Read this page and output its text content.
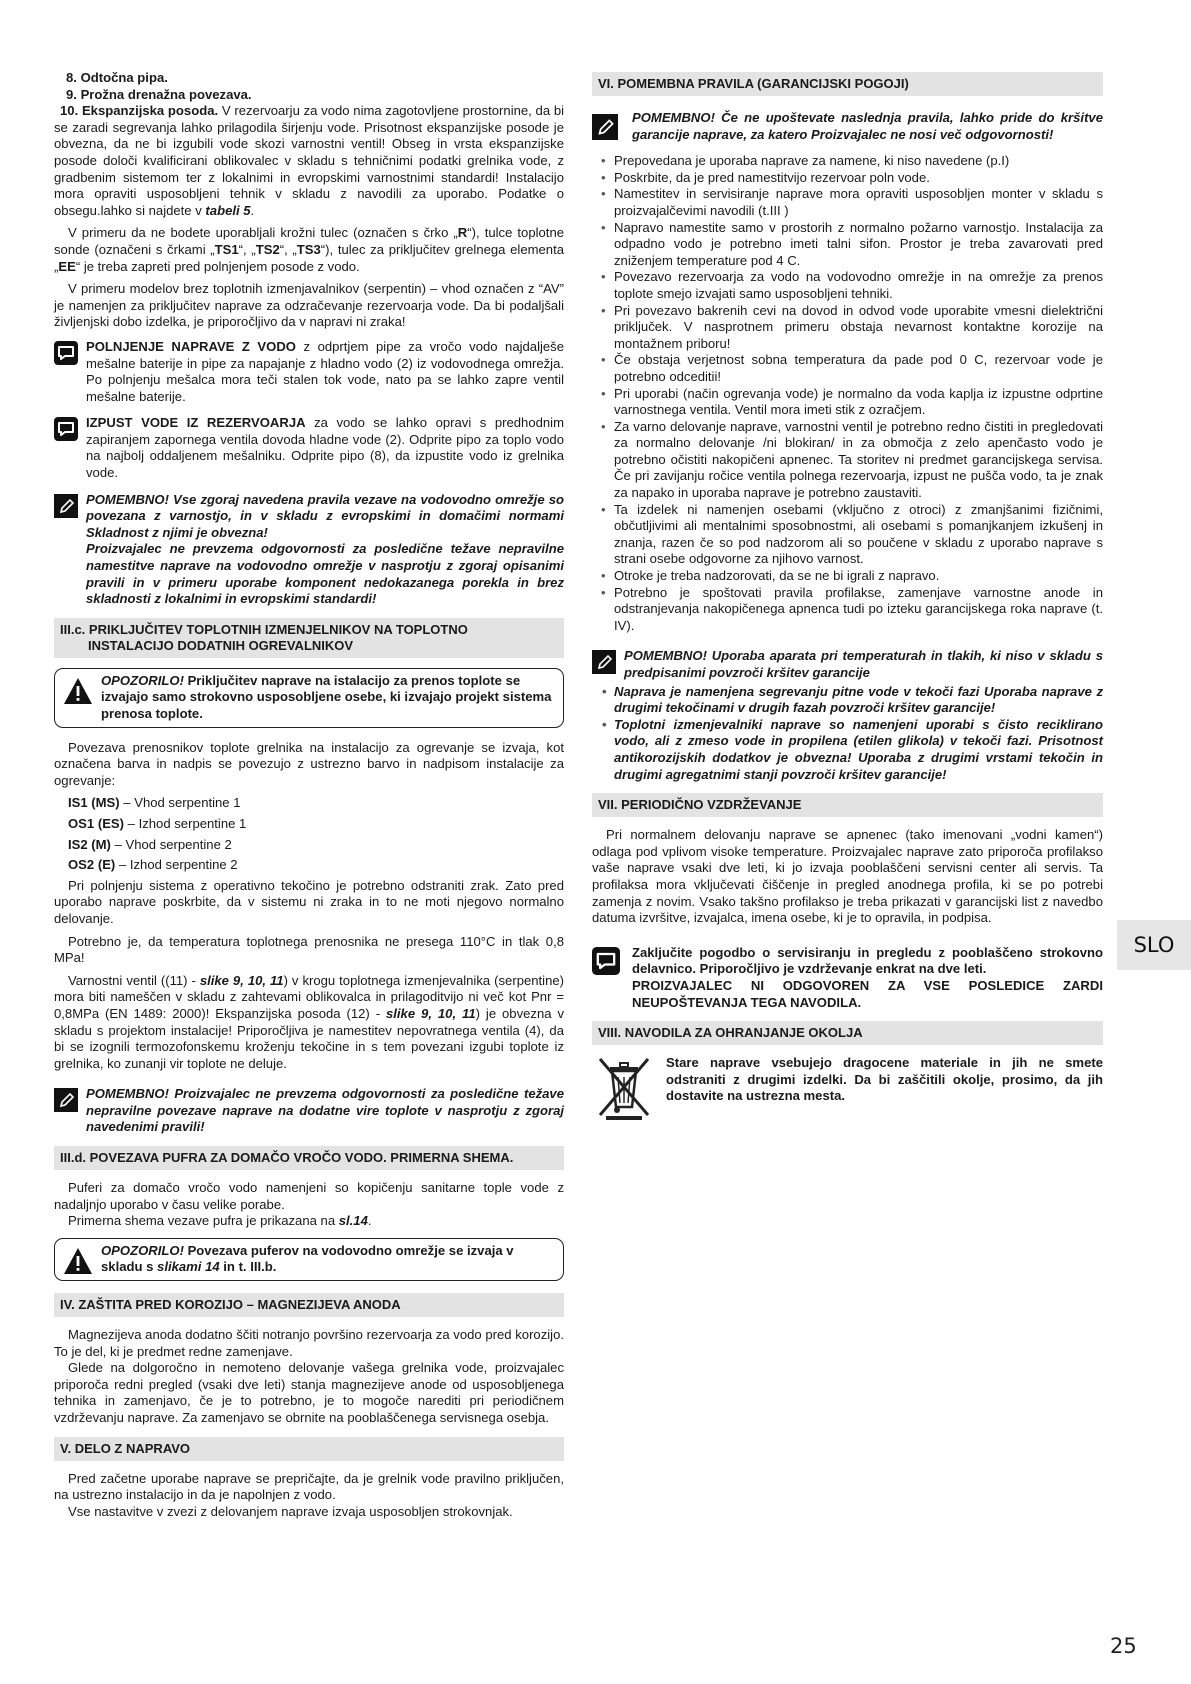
8. Odtočna pipa.

9. Prožna drenažna povezava.

10. Ekspanzijska posoda. V rezervoarju za vodo nima zagotovljene prostornine, da bi se zaradi segrevanja lahko prilagodila širjenju vode. Prisotnost ekspanzijske posode je obvezna, da ne bi izgubili vode skozi varnostni ventil! Obseg in vrsta ekspanzijske posode določi kvalificirani oblikovalec v skladu s tehničnimi podatki grelnika vode, z gradbenim sistemom ter z lokalnimi in evropskimi varnostnimi standardi! Instalacijo mora opraviti usposobljeni tehnik v skladu z navodili za uporabo. Podatke o obsegu.lahko si najdete v tabeli 5.

V primeru da ne bodete uporabljali krožni tulec (označen s črko „R“), tulce toplotne sonde (označeni s črkami „TS1“, „TS2“, „TS3“), tulec za priključitev grelnega elementa „EE“ je treba zapreti pred polnjenjem posode z vodo.

V primeru modelov brez toplotnih izmenjavalnikov (serpentin) – vhod označen z “AV” je namenjen za priključitev naprave za odzračevanje rezervoarja vode. Da bi podaljšali življenjski dobo izdelka, je priporočljivo da v napravi ni zraka!

POLNJENJE NAPRAVE Z VODO z odprtjem pipe za vročo vodo najdalješe mešalne baterije in pipe za napajanje z hladno vodo (2) iz vodovodnega omrežja. Po polnjenju mešalca mora teči stalen tok vode, nato pa se lahko zapre ventil mešalne baterije.
IZPUST VODE IZ REZERVOARJA za vodo se lahko opravi s predhodnim zapiranjem zapornega ventila dovoda hladne vode (2). Odprite pipo za toplo vodo na najbolj oddaljenem mešalniku. Odprite pipo (8), da izpustite vodo iz grelnika vode.
POMEMBNO! Vse zgoraj navedena pravila vezave na vodovodno omrežje so povezana z varnostjo, in v skladu z evropskimi in domačimi normami Skladnost z njimi je obvezna!
Proizvajalec ne prevzema odgovornosti za posledične težave nepravilne namestitve naprave na vodovodno omrežje v nasprotju z zgoraj opisanimi pravili in v primeru uporabe komponent nedokazanega porekla in brez skladnosti z lokalnimi in evropskimi standardi!
III.c. PRIKLJUČITEV TOPLOTNIH IZMENJELNIKOV NA TOPLOTNO INSTALACIJO DODATNIH OGREVALNIKOV
OPOZORILO! Priključitev naprave na istalacijo za prenos toplote se izvajajo samo strokovno usposobljene osebe, ki izvajajo projekt sistema prenosa toplote.

Povezava prenosnikov toplote grelnika na instalacijo za ogrevanje se izvaja, kot označena barva in nadpis se povezujo z ustrezno barvo in nadpisom instalacije za ogrevanje:

IS1 (MS) – Vhod serpentine 1

OS1 (ES) – Izhod serpentine 1

IS2 (M) – Vhod serpentine 2

OS2 (E) – Izhod serpentine 2

Pri polnjenju sistema z operativno tekočino je potrebno odstraniti zrak. Zato pred uporabo naprave poskrbite, da v sistemu ni zraka in to ne moti njegovo normalno delovanje.

Potrebno je, da temperatura toplotnega prenosnika ne presega 110°C in tlak 0,8 MPa!

Varnostni ventil ((11) - slike 9, 10, 11) v krogu toplotnega izmenjevalnika (serpentine) mora biti nameščen v skladu z zahtevami oblikovalca in prilagoditvijo ni več kot Pnr = 0,8MPa (EN 1489: 2000)! Ekspanzijska posoda (12) - slike 9, 10, 11) je obvezna v skladu s projektom instalacije! Priporočljiva je namestitev nepovratnega ventila (4), da bi se izognili termozofonskemu kroženju tekočine in s tem povezani izgubi toplote iz grelnika, ko zunanji vir toplote ne deluje.

POMEMBNO! Proizvajalec ne prevzema odgovornosti za posledične težave nepravilne povezave naprave na dodatne vire toplote v nasprotju z zgoraj navedenimi pravili!
III.d. POVEZAVA PUFRA ZA DOMAČO VROČO VODO. PRIMERNA SHEMA.

Puferi za domačo vročo vodo namenjeni so kopičenju sanitarne tople vode z nadaljnjo uporabo v času velike porabe.

Primerna shema vezave pufra je prikazana na sl.14.

OPOZORILO! Povezava puferov na vodovodno omrežje se izvaja v skladu s slikami 14 in t. III.b.
IV. ZAŠTITA PRED KOROZIJO – MAGNEZIJEVA ANODA

Magnezijeva anoda dodatno ščiti notranjo površino rezervoarja za vodo pred korozijo. To je del, ki je predmet redne zamenjave.

Glede na dolgoročno in nemoteno delovanje vašega grelnika vode, proizvajalec priporoča redni pregled (vsaki dve leti) stanja magnezijeve anode od usposobljenega tehnika in zamenjavo, če je to potrebno, je to mogoče narediti pri periodičnem vzdrževanju naprave. Za zamenjavo se obrnite na pooblaščenega servisnega osebja.

V. DELO Z NAPRAVO

Pred začetne uporabe naprave se prepričajte, da je grelnik vode pravilno priključen, na ustrezno instalacijo in da je napolnjen z vodo.

Vse nastavitve v zvezi z delovanjem naprave izvaja usposobljen strokovnjak.

VI. POMEMBNA PRAVILA (GARANCIJSKI POGOJI)
POMEMBNO! Če ne upoštevate naslednja pravila, lahko pride do kršitve garancije naprave, za katero Proizvajalec ne nosi več odgovornosti!
• Prepovedana je uporaba naprave za namene, ki niso navedene (p.I)
• Poskrbite, da je pred namestitvijo rezervoar poln vode.
• Namestitev in servisiranje naprave mora opraviti usposobljen monter v skladu s proizvajalčevimi navodili (t.III )
• Napravo namestite samo v prostorih z normalno požarno varnostjo. Instalacija za odpadno vodo je potrebno imeti talni sifon. Prostor je treba zavarovati pred zniženjem temperature pod 4 C.
• Povezavo rezervoarja za vodo na vodovodno omrežje in na omrežje za prenos toplote smejo izvajati samo usposobljeni tehniki.
• Pri povezavo bakrenih cevi na dovod in odvod vode uporabite vmesni dielektrični priključek. V nasprotnem primeru obstaja nevarnost kontaktne korozije na montažnem priboru!
• Če obstaja verjetnost sobna temperatura da pade pod 0 C, rezervoar vode je potrebno odceditii!
• Pri uporabi (način ogrevanja vode) je normalno da voda kaplja iz izpustne odprtine varnostnega ventila. Ventil mora imeti stik z ozračjem.
• Za varno delovanje naprave, varnostni ventil je potrebno redno čistiti in pregledovati za normalno delovanje /ni blokiran/ in za območja z zelo apenčasto vodo je potrebno očistiti nakopičeni apnenec. Ta storitev ni predmet garancijskega servisa. Če pri zavijanju ročice ventila polnega rezervoarja, izpust ne pušča vodo, ta je znak za napako in uporaba naprave je potrebno zaustaviti.
• Ta izdelek ni namenjen osebami (vključno z otroci) z zmanjšanimi fizičnimi, občutljivimi ali mentalnimi sposobnostmi, ali osebami s pomanjkanjem izkušenj in znanja, razen če so pod nadzorom ali so poučene v skladu z uporabo naprave s strani osebe odgovorne za njihovo varnost.
• Otroke je treba nadzorovati, da se ne bi igrali z napravo.
• Potrebno je spoštovati pravila profilakse, zamenjave varnostne anode in odstranjevanja nakopičenega apnenca tudi po izteku garancijskega roka naprave (t. IV).
POMEMBNO! Uporaba aparata pri temperaturah in tlakih, ki niso v skladu s predpisanimi povzroči kršitev garancije
• Naprava je namenjena segrevanju pitne vode v tekoči fazi Uporaba naprave z drugimi tekočinami v drugih fazah povzroči kršitev garancije!
• Toplotni izmenjevalniki naprave so namenjeni uporabi s čisto reciklirano vodo, ali z zmeso vode in propilena (etilen glikola) v tekoči fazi. Prisotnost antikorozijskih dodatkov je obvezna! Uporaba z drugimi vrstami tekočin in drugimi agregatnimi stanji povzroči kršitev garancije!
VII. PERIODIČNO VZDRŽEVANJE

Pri normalnem delovanju naprave se apnenec (tako imenovani „vodni kamen“) odlaga pod vplivom visoke temperature. Proizvajalec naprave zato priporoča profilakso vaše naprave vsaki dve leti, ki jo izvaja pooblaščeni servisni center ali servis. Ta profilaksa mora vključevati čiščenje in pregled anodnega profila, ki se po potrebi zamenja z novim. Vsako takšno profilakso je treba prikazati v garancijski list z navedbo datuma izvršitve, izvajalca, imena osebe, ki je to opravila, in podpisa.

Zaključite pogodbo o servisiranju in pregledu z pooblaščeno strokovno delavnico. Priporočljivo je vzdrževanje enkrat na dve leti.
PROIZVAJALEC NI ODGOVOREN ZA VSE POSLEDICE ZARDI NEUPOŠTEVANJA TEGA NAVODILA.
VIII. NAVODILA ZA OHRANJANJE OKOLJA
Stare naprave vsebujejo dragocene materiale in jih ne smete odstraniti z drugimi izdelki. Da bi zaščitili okolje, prosimo, da jih dostavite na ustrezna mesta.
SLO
25
